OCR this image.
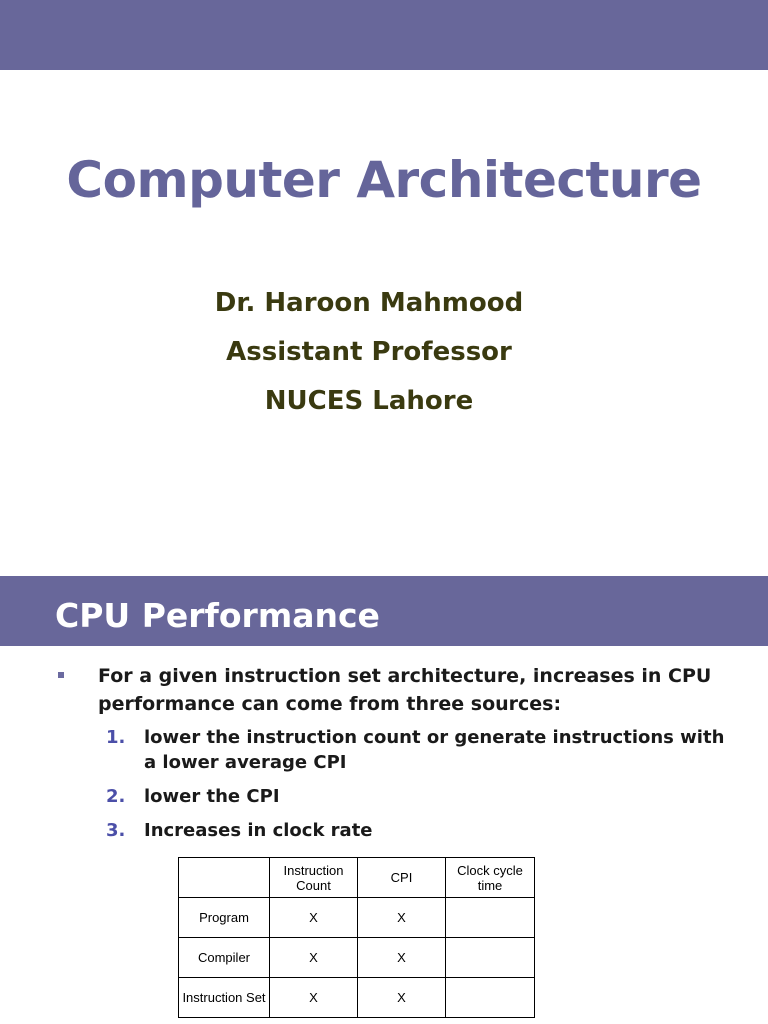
Computer Architecture
Dr. Haroon Mahmood
Assistant Professor
NUCES Lahore
CPU Performance
For a given instruction set architecture, increases in CPU performance can come from three sources:
1. lower the instruction count or generate instructions with a lower average CPI
2. lower the CPI
3. Increases in clock rate
	Instruction Count	CPI	Clock cycle time
Program	X	X	
Compiler	X	X	
Instruction Set	X	X	
